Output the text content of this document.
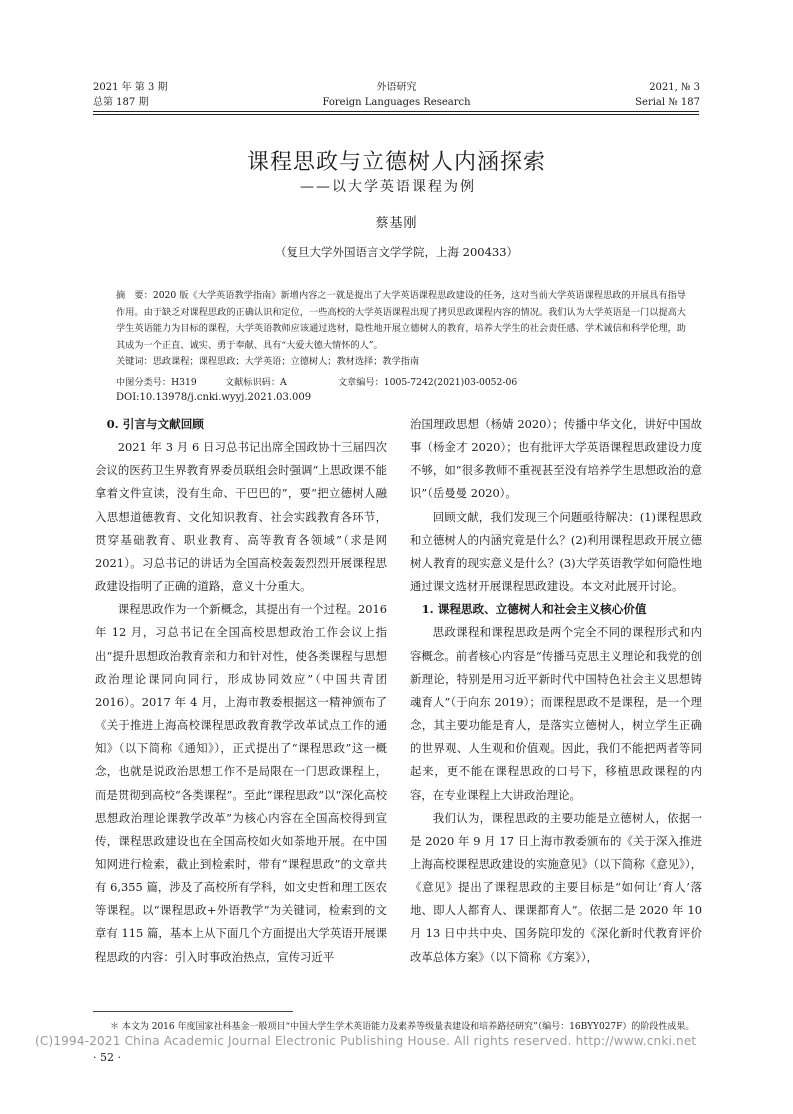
2021 年 第 3 期
总第 187 期
外语研究
Foreign Languages Research
2021, № 3
Serial № 187
课程思政与立德树人内涵探索
——以大学英语课程为例
蔡基刚
（复旦大学外国语言文学学院，上海 200433）

摘　要：2020 版《大学英语教学指南》新增内容之一就是提出了大学英语课程思政建设的任务，这对当前大学英语课程思政的开展具有指导作用。由于缺乏对课程思政的正确认识和定位，一些高校的大学英语课程出现了拷贝思政课程内容的情况。我们认为大学英语是一门以提高大学生英语能力为目标的课程，大学英语教师应该通过选材，隐性地开展立德树人的教育，培养大学生的社会责任感、学术诚信和科学伦理，助其成为一个正直、诚实、勇于奉献、具有“大爱大德大情怀的人”。

关键词：思政课程；课程思政；大学英语；立德树人；教材选择；教学指南

中图分类号：H319	文献标识码：A	文章编号：1005-7242(2021)03-0052-06
DOI:10.13978/j.cnki.wyyj.2021.03.009
0. 引言与文献回顾

2021 年 3 月 6 日习总书记出席全国政协十三届四次会议的医药卫生界教育界委员联组会时强调“上思政课不能拿着文件宣读，没有生命、干巴巴的”，要“把立德树人融入思想道德教育、文化知识教育、社会实践教育各环节，贯穿基础教育、职业教育、高等教育各领域”（求是网 2021）。习总书记的讲话为全国高校轰轰烈烈开展课程思政建设指明了正确的道路，意义十分重大。

课程思政作为一个新概念，其提出有一个过程。2016 年 12 月，习总书记在全国高校思想政治工作会议上指出“提升思想政治教育亲和力和针对性，使各类课程与思想政治理论课同向同行，形成协同效应”（中国共青团 2016）。2017 年 4 月，上海市教委根据这一精神颁布了《关于推进上海高校课程思政教育教学改革试点工作的通知》（以下简称《通知》），正式提出了“课程思政”这一概念，也就是说政治思想工作不是局限在一门思政课程上，而是贯彻到高校“各类课程”。至此“课程思政”以“深化高校思想政治理论课教学改革”为核心内容在全国高校得到宣传，课程思政建设也在全国高校如火如荼地开展。在中国知网进行检索，截止到检索时，带有“课程思政”的文章共有 6,355 篇，涉及了高校所有学科，如文史哲和理工医农等课程。以“课程思政+外语教学”为关键词，检索到的文章有 115 篇，基本上从下面几个方面提出大学英语开展课程思政的内容：引入时事政治热点，宣传习近平

治国理政思想（杨婧 2020）；传播中华文化，讲好中国故事（杨金才 2020）；也有批评大学英语课程思政建设力度不够，如“很多教师不重视甚至没有培养学生思想政治的意识”（岳曼曼 2020）。

回顾文献，我们发现三个问题亟待解决：(1)课程思政和立德树人的内涵究竟是什么？(2)利用课程思政开展立德树人教育的现实意义是什么？(3)大学英语教学如何隐性地通过课文选材开展课程思政建设。本文对此展开讨论。

1. 课程思政、立德树人和社会主义核心价值

思政课程和课程思政是两个完全不同的课程形式和内容概念。前者核心内容是“传播马克思主义理论和我党的创新理论，特别是用习近平新时代中国特色社会主义思想铸魂育人”（于向东 2019）；而课程思政不是课程，是一个理念，其主要功能是育人，是落实立德树人，树立学生正确的世界观、人生观和价值观。因此，我们不能把两者等同起来，更不能在课程思政的口号下，移植思政课程的内容，在专业课程上大讲政治理论。

我们认为，课程思政的主要功能是立德树人，依据一是 2020 年 9 月 17 日上海市教委颁布的《关于深入推进上海高校课程思政建设的实施意见》（以下简称《意见》），《意见》提出了课程思政的主要目标是“如何让‘育人’落地、即人人都育人、课课都育人”。依据二是 2020 年 10 月 13 日中共中央、国务院印发的《深化新时代教育评价改革总体方案》（以下简称《方案》），

＊ 本文为 2016 年度国家社科基金一般项目“中国大学生学术英语能力及素养等级量表建设和培养路径研究”（编号：16BYY027F）的阶段性成果。
(C)1994-2021 China Academic Journal Electronic Publishing House. All rights reserved. http://www.cnki.net
· 52 ·
